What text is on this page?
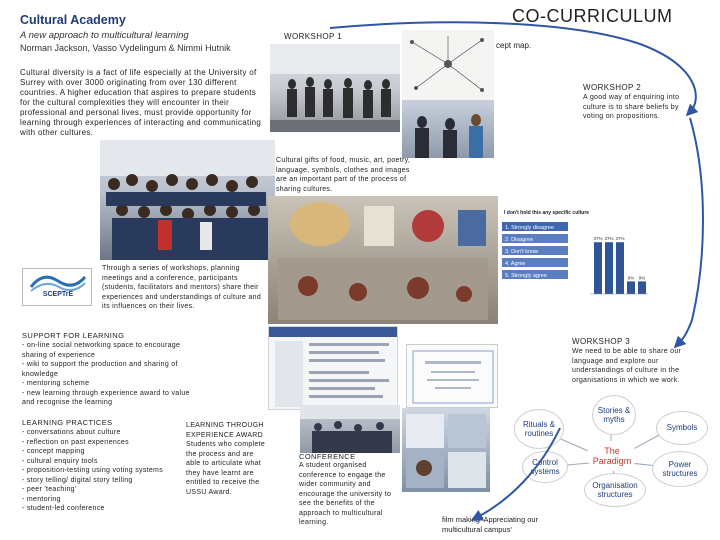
Cultural Academy
A new approach to multicultural learning
Norman Jackson, Vasso Vydelingum & Nimmi Hutnik
CO-CURRICULUM
Cultural diversity is a fact of life especially at the University of Surrey with over 3000 originating from over 130 different countries. A higher education that aspires to prepare students for the cultural complexities they will encounter in their professional and personal lives, must provide opportunity for learning through experiences of interacting and communicating with other cultures.
WORKSHOP 1
cept map.
WORKSHOP 2
A good way of enquiring into culture is to share beliefs by voting on propositions.
Cultural gifts of food, music, art, poetry, language, symbols, clothes and images are an important part of the process of sharing cultures.
I don't hold this any specific culture
1. Strongly disagree
2. Disagree
3. Don't know
4. Agree
5. Strongly agree
37% 37% 37%
9% 9%
SCEPTrE
Through a series of workshops, planning meetings and a conference, participants (students, facilitators and mentors) share their experiences and understandings of culture and its influences on their lives.
SUPPORT FOR LEARNING
- on-line social networking space to encourage sharing of experience
- wiki to support the production and sharing of knowledge
- mentoring scheme
- new learning through experience award to value and recognise the learning
WORKSHOP 3
We need to be able to share our language and explore our understandings of culture in the organisations in which we work.
LEARNING PRACTICES
- conversations about culture
- reflection on past experiences
- concept mapping
- cultural enquiry tools
- proposition-testing using voting systems
- story telling/ digital story telling
- peer 'teaching'
- mentoring
- student-led conference
LEARNING THROUGH EXPERIENCE AWARD Students who complete the process and are able to articulate what they have learnt are entitled to receive the USSU Award.
CONFERENCE
A student organised conference to engage the wider community and encourage the university to see the benefits of the approach to multicultural learning.	film making 'Appreciating our multicultural campus'
Stories & myths
Symbols
Rituals & routines
Control systems
Power structures
Organisation structures
The Paradigm
